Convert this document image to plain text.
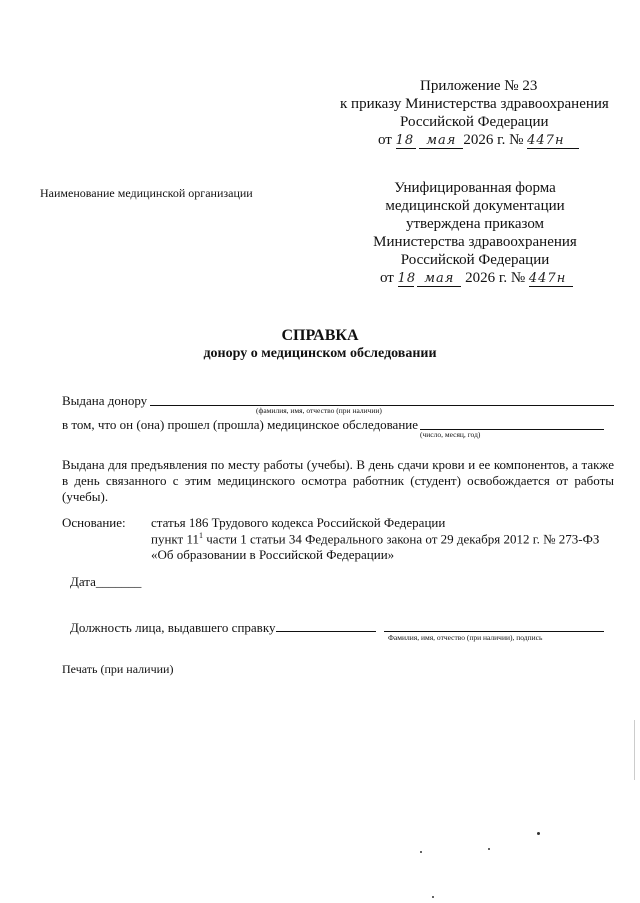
Приложение № 23
к приказу Министерства здравоохранения
Российской Федерации
от 18 мая 2026 г. № 447н
Наименование медицинской организации	Унифицированная форма
медицинской документации
утверждена приказом
Министерства здравоохранения
Российской Федерации
от 18 мая 2026 г. № 447н
СПРАВКА
донору о медицинском обследовании
Выдана донору
(фамилия, имя, отчество (при наличии)
в том, что он (она) прошел (прошла) медицинское обследование
(число, месяц, год)
Выдана для предъявления по месту работы (учебы). В день сдачи крови и ее компонентов, а также
в день связанного с этим медицинского осмотра работник (студент) освобождается от работы
(учебы).
Основание: статья 186 Трудового кодекса Российской Федерации
пункт $11^1$ части 1 статьи 34 Федерального закона от 29 декабря 2012 г. № 273-ФЗ
«Об образовании в Российской Федерации»
Дата_______
Должность лица, выдавшего справку
Фамилия, имя, отчество (при наличии), подпись
Печать (при наличии)
